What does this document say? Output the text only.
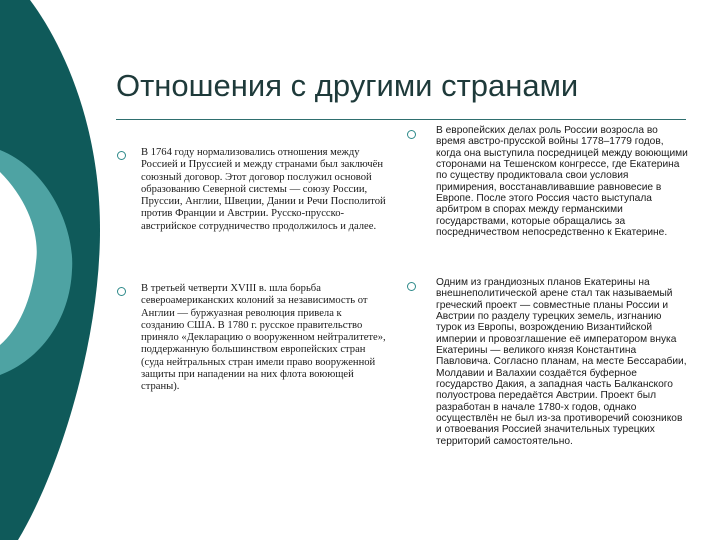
Отношения с другими странами
В 1764 году нормализовались отношения между Россией и Пруссией и между странами был заключён союзный договор. Этот договор послужил основой образованию Северной системы — союзу России, Пруссии, Англии, Швеции, Дании и Речи Посполитой против Франции и Австрии. Русско-прусско-австрийское сотрудничество продолжилось и далее.
В третьей четверти XVIII в. шла борьба североамериканских колоний за независимость от Англии — буржуазная революция привела к созданию США. В 1780 г. русское правительство приняло «Декларацию о вооруженном нейтралитете», поддержанную большинством европейских стран (суда нейтральных стран имели право вооруженной защиты при нападении на них флота воюющей страны).
В европейских делах роль России возросла во время австро-прусской войны 1778–1779 годов, когда она выступила посредницей между воюющими сторонами на Тешенском конгрессе, где Екатерина по существу продиктовала свои условия примирения, восстанавливавшие равновесие в Европе. После этого Россия часто выступала арбитром в спорах между германскими государствами, которые обращались за посредничеством непосредственно к Екатерине.
Одним из грандиозных планов Екатерины на внешнеполитической арене стал так называемый греческий проект — совместные планы России и Австрии по разделу турецких земель, изгнанию турок из Европы, возрождению Византийской империи и провозглашение её императором внука Екатерины — великого князя Константина Павловича. Согласно планам, на месте Бессарабии, Молдавии и Валахии создаётся буферное государство Дакия, а западная часть Балканского полуострова передаётся Австрии. Проект был разработан в начале 1780-х годов, однако осуществлён не был из-за противоречий союзников и отвоевания Россией значительных турецких территорий самостоятельно.
